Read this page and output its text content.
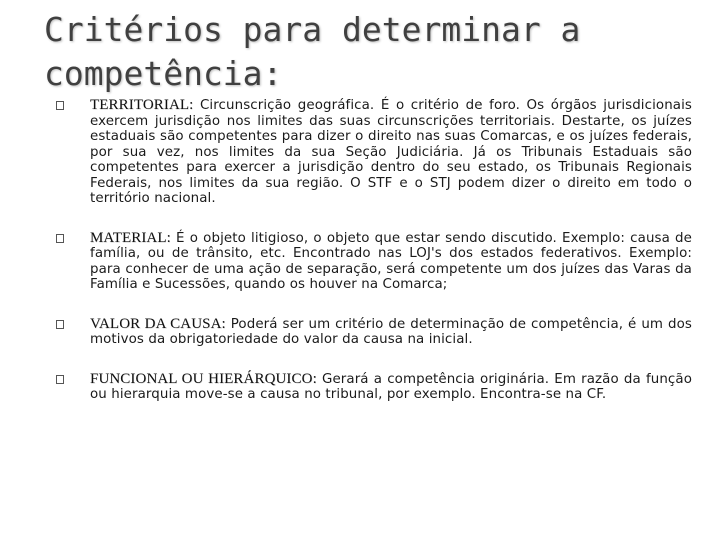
Critérios para determinar a competência:
TERRITORIAL: Circunscrição geográfica. É o critério de foro. Os órgãos jurisdicionais exercem jurisdição nos limites das suas circunscrições territoriais. Destarte, os juízes estaduais são competentes para dizer o direito nas suas Comarcas, e os juízes federais, por sua vez, nos limites da sua Seção Judiciária. Já os Tribunais Estaduais são competentes para exercer a jurisdição dentro do seu estado, os Tribunais Regionais Federais, nos limites da sua região. O STF e o STJ podem dizer o direito em todo o território nacional.
MATERIAL: É o objeto litigioso, o objeto que estar sendo discutido. Exemplo: causa de família, ou de trânsito, etc. Encontrado nas LOJ's dos estados federativos. Exemplo: para conhecer de uma ação de separação, será competente um dos juízes das Varas da Família e Sucessões, quando os houver na Comarca;
VALOR DA CAUSA: Poderá ser um critério de determinação de competência, é um dos motivos da obrigatoriedade do valor da causa na inicial.
FUNCIONAL OU HIERÁRQUICO: Gerará a competência originária. Em razão da função ou hierarquia move-se a causa no tribunal, por exemplo. Encontra-se na CF.
